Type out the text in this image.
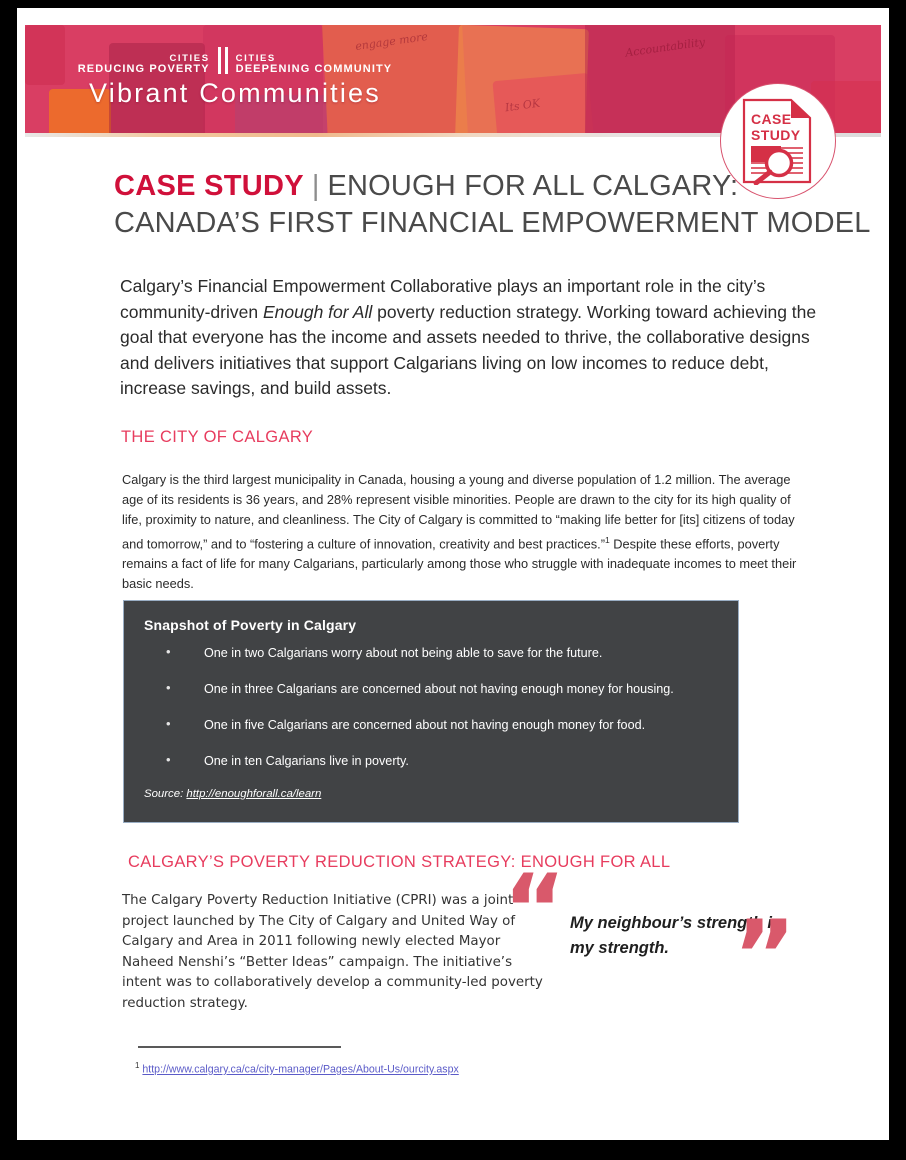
Accountability
engage more
Its OK
CITIES
REDUCING POVERTY
CITIES
DEEPENING COMMUNITY
Vibrant Communities
CASE
STUDY
CASE STUDY | ENOUGH FOR ALL CALGARY:
CANADA’S FIRST FINANCIAL EMPOWERMENT MODEL

Calgary’s Financial Empowerment Collaborative plays an important role in the city’s community-driven Enough for All poverty reduction strategy. Working toward achieving the goal that everyone has the income and assets needed to thrive, the collaborative designs and delivers initiatives that support Calgarians living on low incomes to reduce debt, increase savings, and build assets.

THE CITY OF CALGARY

Calgary is the third largest municipality in Canada, housing a young and diverse population of 1.2 million. The average age of its residents is 36 years, and 28% represent visible minorities. People are drawn to the city for its high quality of life, proximity to nature, and cleanliness. The City of Calgary is committed to “making life better for [its] citizens of today and tomorrow,” and to “fostering a culture of innovation, creativity and best practices.”$^1$ Despite these efforts, poverty remains a fact of life for many Calgarians, particularly among those who struggle with inadequate incomes to meet their basic needs.

Snapshot of Poverty in Calgary
• One in two Calgarians worry about not being able to save for the future.
• One in three Calgarians are concerned about not having enough money for housing.
• One in five Calgarians are concerned about not having enough money for food.
• One in ten Calgarians live in poverty.
Source: http://enoughforall.ca/learn
CALGARY’S POVERTY REDUCTION STRATEGY: ENOUGH FOR ALL

The Calgary Poverty Reduction Initiative (CPRI) was a joint project launched by The City of Calgary and United Way of Calgary and Area in 2011 following newly elected Mayor Naheed Nenshi’s “Better Ideas” campaign. The initiative’s intent was to collaboratively develop a community-led poverty reduction strategy.

“ My neighbour’s strength is my strength. ”
$^1$ http://www.calgary.ca/ca/city-manager/Pages/About-Us/ourcity.aspx
